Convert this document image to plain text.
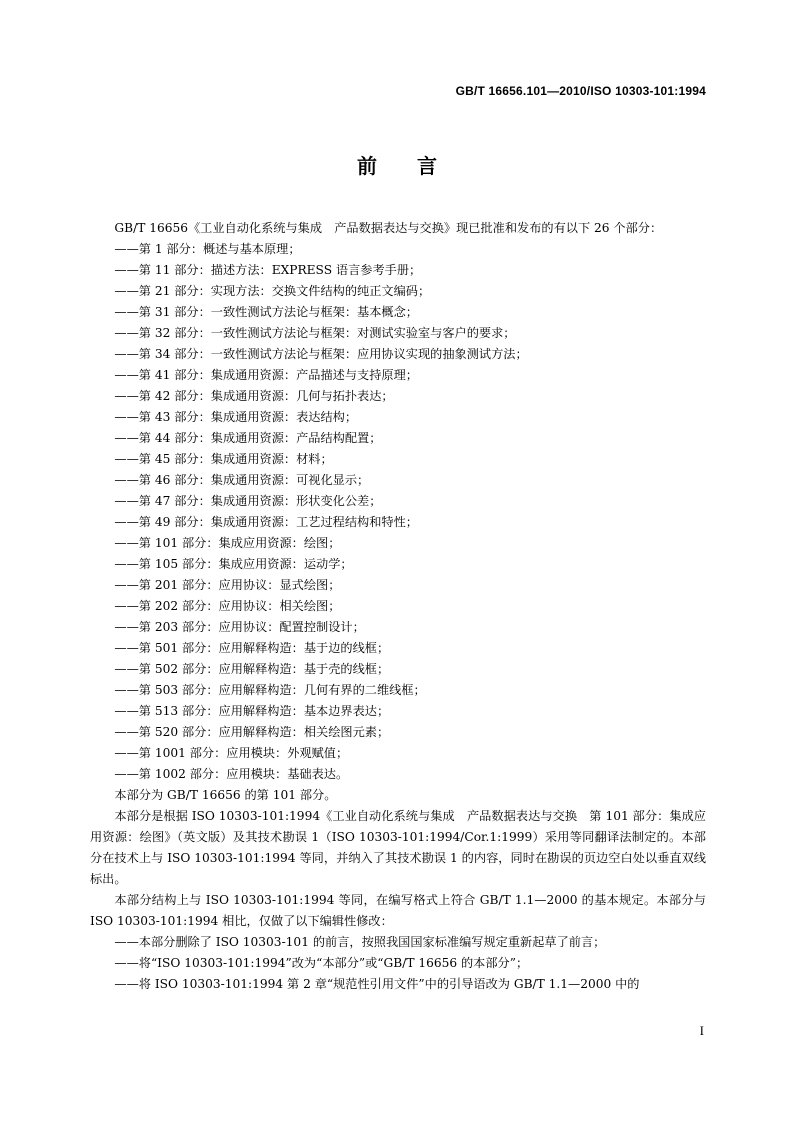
GB/T 16656.101—2010/ISO 10303-101:1994
前言

GB/T 16656《工业自动化系统与集成　产品数据表达与交换》现已批准和发布的有以下 26 个部分：

——第 1 部分：概述与基本原理；
——第 11 部分：描述方法：EXPRESS 语言参考手册；
——第 21 部分：实现方法：交换文件结构的纯正文编码；
——第 31 部分：一致性测试方法论与框架：基本概念；
——第 32 部分：一致性测试方法论与框架：对测试实验室与客户的要求；
——第 34 部分：一致性测试方法论与框架：应用协议实现的抽象测试方法；
——第 41 部分：集成通用资源：产品描述与支持原理；
——第 42 部分：集成通用资源：几何与拓扑表达；
——第 43 部分：集成通用资源：表达结构；
——第 44 部分：集成通用资源：产品结构配置；
——第 45 部分：集成通用资源：材料；
——第 46 部分：集成通用资源：可视化显示；
——第 47 部分：集成通用资源：形状变化公差；
——第 49 部分：集成通用资源：工艺过程结构和特性；
——第 101 部分：集成应用资源：绘图；
——第 105 部分：集成应用资源：运动学；
——第 201 部分：应用协议：显式绘图；
——第 202 部分：应用协议：相关绘图；
——第 203 部分：应用协议：配置控制设计；
——第 501 部分：应用解释构造：基于边的线框；
——第 502 部分：应用解释构造：基于壳的线框；
——第 503 部分：应用解释构造：几何有界的二维线框；
——第 513 部分：应用解释构造：基本边界表达；
——第 520 部分：应用解释构造：相关绘图元素；
——第 1001 部分：应用模块：外观赋值；
——第 1002 部分：应用模块：基础表达。

本部分为 GB/T 16656 的第 101 部分。

本部分是根据 ISO 10303-101:1994《工业自动化系统与集成　产品数据表达与交换　第 101 部分：集成应用资源：绘图》（英文版）及其技术勘误 1（ISO 10303-101:1994/Cor.1:1999）采用等同翻译法制定的。本部分在技术上与 ISO 10303-101:1994 等同，并纳入了其技术勘误 1 的内容，同时在勘误的页边空白处以垂直双线标出。

本部分结构上与 ISO 10303-101:1994 等同，在编写格式上符合 GB/T 1.1—2000 的基本规定。本部分与 ISO 10303-101:1994 相比，仅做了以下编辑性修改：

——本部分删除了 ISO 10303-101 的前言，按照我国国家标准编写规定重新起草了前言；
——将“ISO 10303-101:1994”改为“本部分”或“GB/T 16656 的本部分”；
——将 ISO 10303-101:1994 第 2 章“规范性引用文件”中的引导语改为 GB/T 1.1—2000 中的
I
